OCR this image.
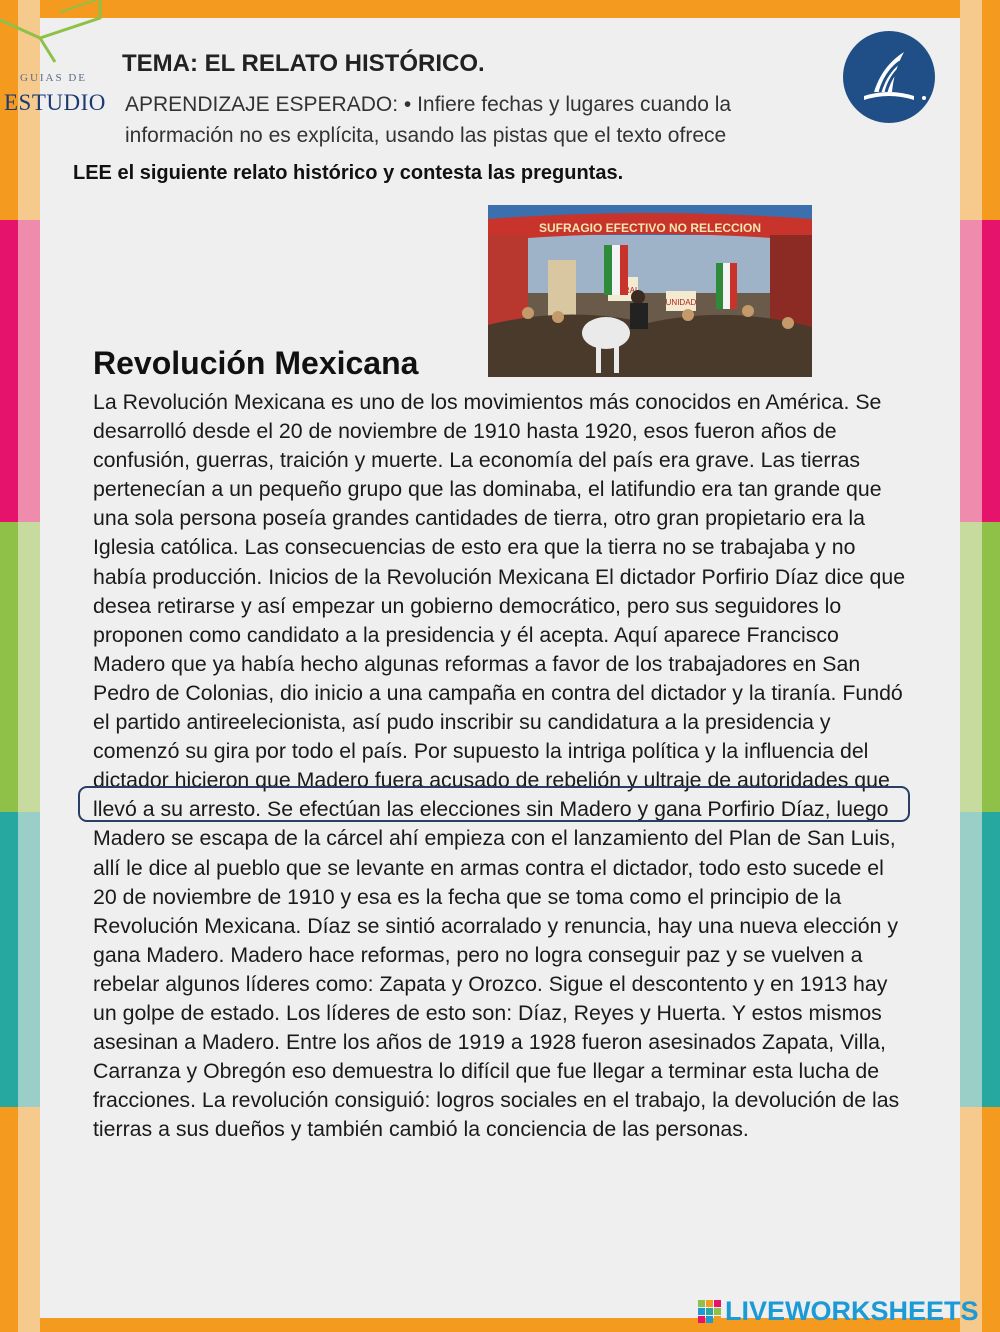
GUIAS DE
ESTUDIO
TEMA: EL RELATO HISTÓRICO.
APRENDIZAJE ESPERADO: • Infiere fechas y lugares cuando la información no es explícita, usando las pistas que el texto ofrece
LEE el siguiente relato histórico y contesta las preguntas.
SUFRAGIO EFECTIVO NO RELECCION
UNIDAD
Revolución Mexicana
La Revolución Mexicana es uno de los movimientos más conocidos en América. Se desarrolló desde el 20 de noviembre de 1910 hasta 1920, esos fueron años de confusión, guerras, traición y muerte. La economía del país era grave. Las tierras pertenecían a un pequeño grupo que las dominaba, el latifundio era tan grande que una sola persona poseía grandes cantidades de tierra, otro gran propietario era la Iglesia católica. Las consecuencias de esto era que la tierra no se trabajaba y no había producción. Inicios de la Revolución Mexicana El dictador Porfirio Díaz dice que desea retirarse y así empezar un gobierno democrático, pero sus seguidores lo proponen como candidato a la presidencia y él acepta. Aquí aparece Francisco Madero que ya había hecho algunas reformas a favor de los trabajadores en San Pedro de Colonias, dio inicio a una campaña en contra del dictador y la tiranía. Fundó el partido antireelecionista, así pudo inscribir su candidatura a la presidencia y comenzó su gira por todo el país. Por supuesto la intriga política y la influencia del dictador hicieron que Madero fuera acusado de rebelión y ultraje de autoridades que llevó a su arresto. Se efectúan las elecciones sin Madero y gana Porfirio Díaz, luego Madero se escapa de la cárcel ahí empieza con el lanzamiento del Plan de San Luis, allí le dice al pueblo que se levante en armas contra el dictador, todo esto sucede el 20 de noviembre de 1910 y esa es la fecha que se toma como el principio de la Revolución Mexicana. Díaz se sintió acorralado y renuncia, hay una nueva elección y gana Madero. Madero hace reformas, pero no logra conseguir paz y se vuelven a rebelar algunos líderes como: Zapata y Orozco. Sigue el descontento y en 1913 hay un golpe de estado. Los líderes de esto son: Díaz, Reyes y Huerta. Y estos mismos asesinan a Madero. Entre los años de 1919 a 1928 fueron asesinados Zapata, Villa, Carranza y Obregón eso demuestra lo difícil que fue llegar a terminar esta lucha de fracciones. La revolución consiguió: logros sociales en el trabajo, la devolución de las tierras a sus dueños y también cambió la conciencia de las personas.
LIVEWORKSHEETS
